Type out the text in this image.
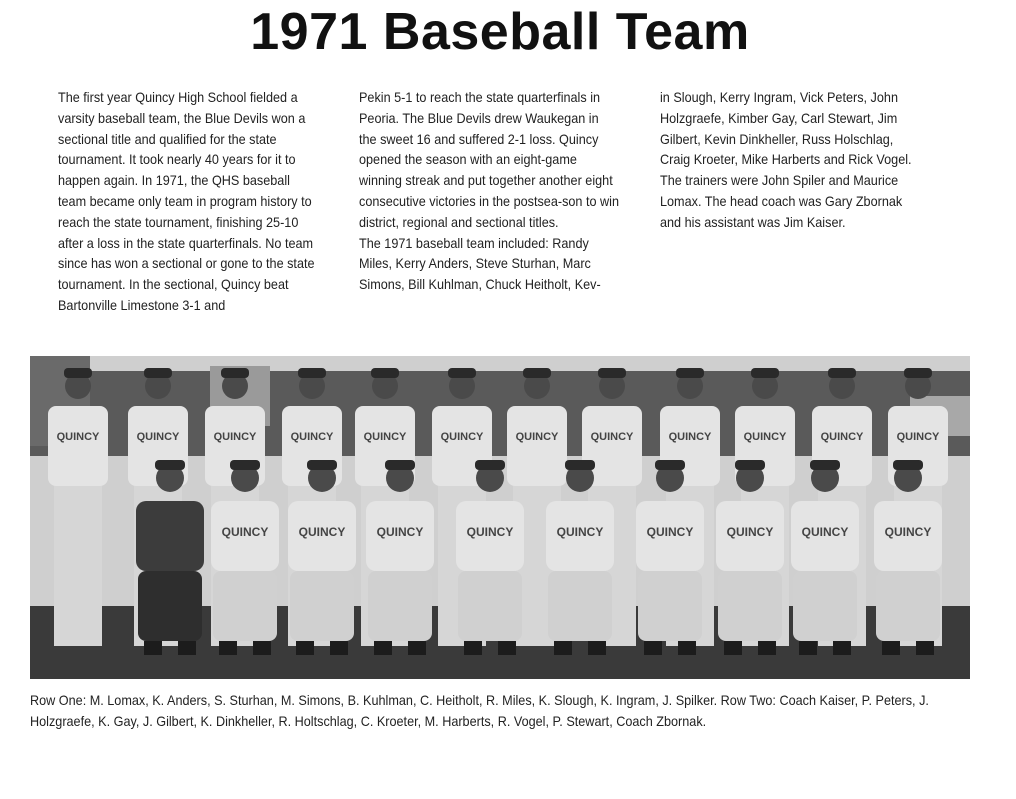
1971 Baseball Team

The first year Quincy High School fielded a varsity baseball team, the Blue Devils won a sectional title and qualified for the state tournament. It took nearly 40 years for it to happen again. In 1971, the QHS baseball team became only team in program history to reach the state tournament, finishing 25-10 after a loss in the state quarterfinals. No team since has won a sectional or gone to the state tournament. In the sectional, Quincy beat Bartonville Limestone 3-1 and

Pekin 5-1 to reach the state quarterfinals in Peoria. The Blue Devils drew Waukegan in the sweet 16 and suffered 2-1 loss. Quincy opened the season with an eight-game winning streak and put together another eight consecutive victories in the postsea-son to win district, regional and sectional titles.

The 1971 baseball team included: Randy Miles, Kerry Anders, Steve Sturhan, Marc Simons, Bill Kuhlman, Chuck Heitholt, Kev-

in Slough, Kerry Ingram, Vick Peters, John Holzgraefe, Kimber Gay, Carl Stewart, Jim Gilbert, Kevin Dinkheller, Russ Holschlag, Craig Kroeter, Mike Harberts and Rick Vogel. The trainers were John Spiler and Maurice Lomax. The head coach was Gary Zbornak and his assistant was Jim Kaiser.

QUINCY	QUINCY	QUINCY	QUINCY	QUINCY	QUINCY	QUINCY	QUINCY	QUINCY	QUINCY	QUINCY	QUINCY
QUINCY	QUINCY	QUINCY	QUINCY	QUINCY	QUINCY	QUINCY QUINCY	QUINCY
Row One: M. Lomax, K. Anders, S. Sturhan, M. Simons, B. Kuhlman, C. Heitholt, R. Miles, K. Slough, K. Ingram, J. Spilker. Row Two: Coach Kaiser, P. Peters, J. Holzgraefe, K. Gay, J. Gilbert, K. Dinkheller, R. Holtschlag, C. Kroeter, M. Harberts, R. Vogel, P. Stewart, Coach Zbornak.
